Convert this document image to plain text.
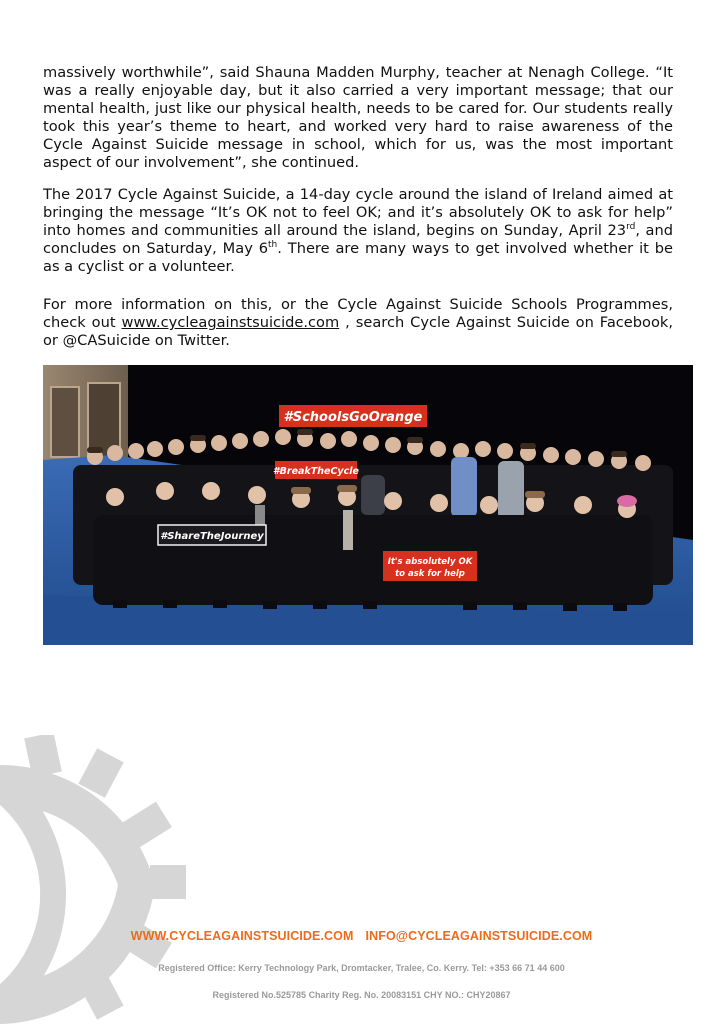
massively worthwhile”, said Shauna Madden Murphy, teacher at Nenagh College. “It was a really enjoyable day, but it also carried a very important message; that our mental health, just like our physical health, needs to be cared for. Our students really took this year’s theme to heart, and worked very hard to raise awareness of the Cycle Against Suicide message in school, which for us, was the most important aspect of our involvement”, she continued.

The 2017 Cycle Against Suicide, a 14-day cycle around the island of Ireland aimed at bringing the message “It’s OK not to feel OK; and it’s absolutely OK to ask for help” into homes and communities all around the island, begins on Sunday, April 23rd, and concludes on Saturday, May 6th. There are many ways to get involved whether it be as a cyclist or a volunteer.

For more information on this, or the Cycle Against Suicide Schools Programmes, check out www.cycleagainstsuicide.com , search Cycle Against Suicide on Facebook, or @CASuicide on Twitter.

#SchoolsGoOrange
#BreakTheCycle
#ShareTheJourney
It's absolutely OK
to ask for help
WWW.CYCLEAGAINSTSUICIDE.COM INFO@CYCLEAGAINSTSUICIDE.COM
Registered Office: Kerry Technology Park, Dromtacker, Tralee, Co. Kerry. Tel: +353 66 71 44 600
Registered No.525785 Charity Reg. No. 20083151 CHY NO.: CHY20867
